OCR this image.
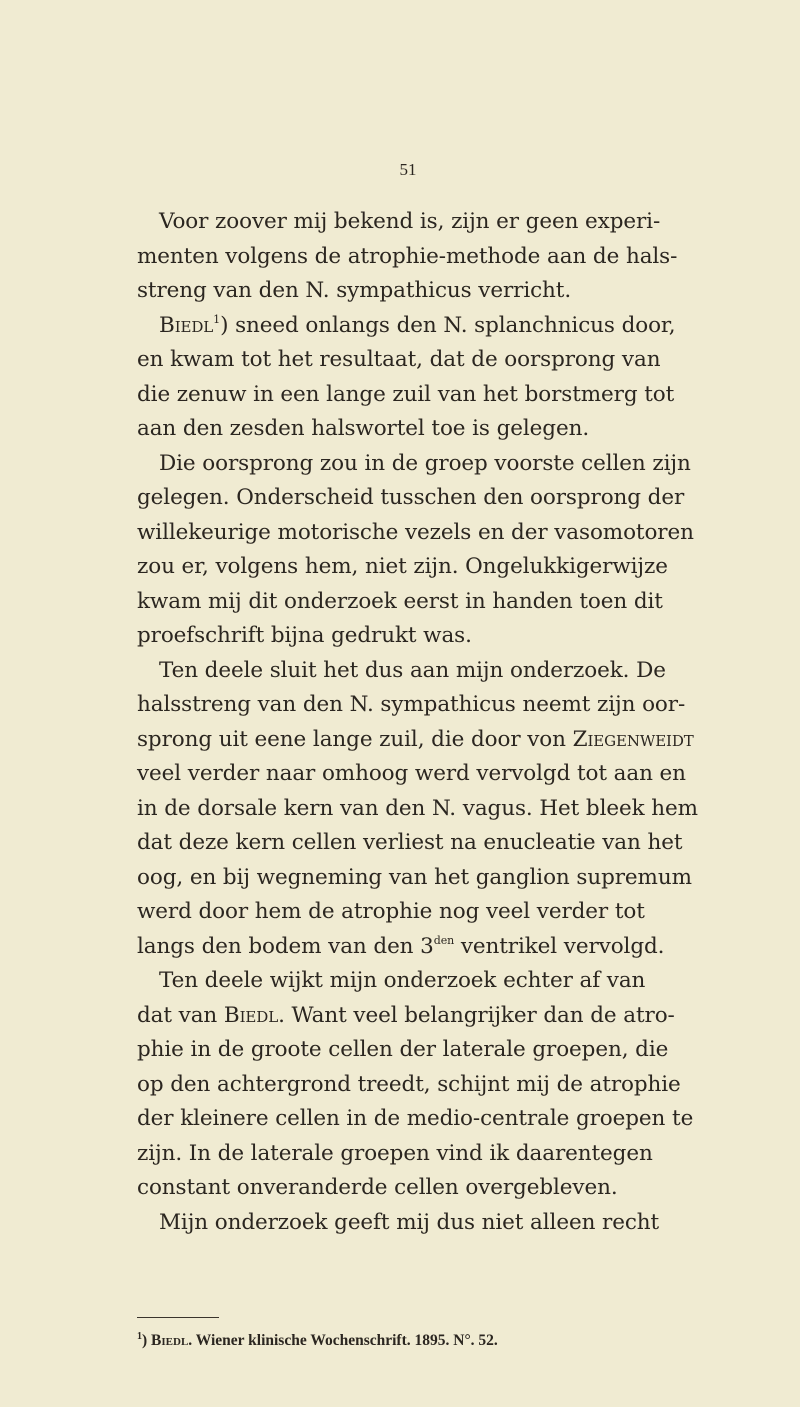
51
Voor zoover mij bekend is, zijn er geen experi-
menten volgens de atrophie-methode aan de hals-
streng van den N. sympathicus verricht.
Biedl$^1$) sneed onlangs den N. splanchnicus door,
en kwam tot het resultaat, dat de oorsprong van
die zenuw in een lange zuil van het borstmerg tot
aan den zesden halswortel toe is gelegen.
Die oorsprong zou in de groep voorste cellen zijn
gelegen. Onderscheid tusschen den oorsprong der
willekeurige motorische vezels en der vasomotoren
zou er, volgens hem, niet zijn. Ongelukkigerwijze
kwam mij dit onderzoek eerst in handen toen dit
proefschrift bijna gedrukt was.
Ten deele sluit het dus aan mijn onderzoek. De
halsstreng van den N. sympathicus neemt zijn oor-
sprong uit eene lange zuil, die door von Ziegenweidt
veel verder naar omhoog werd vervolgd tot aan en
in de dorsale kern van den N. vagus. Het bleek hem
dat deze kern cellen verliest na enucleatie van het
oog, en bij wegneming van het ganglion supremum
werd door hem de atrophie nog veel verder tot
langs den bodem van den $3^{den}$ ventrikel vervolgd.
Ten deele wijkt mijn onderzoek echter af van
dat van Biedl. Want veel belangrijker dan de atro-
phie in de groote cellen der laterale groepen, die
op den achtergrond treedt, schijnt mij de atrophie
der kleinere cellen in de medio-centrale groepen te
zijn. In de laterale groepen vind ik daarentegen
constant onveranderde cellen overgebleven.
Mijn onderzoek geeft mij dus niet alleen recht
$^1$) Biedl. Wiener klinische Wochenschrift. 1895. N°. 52.
